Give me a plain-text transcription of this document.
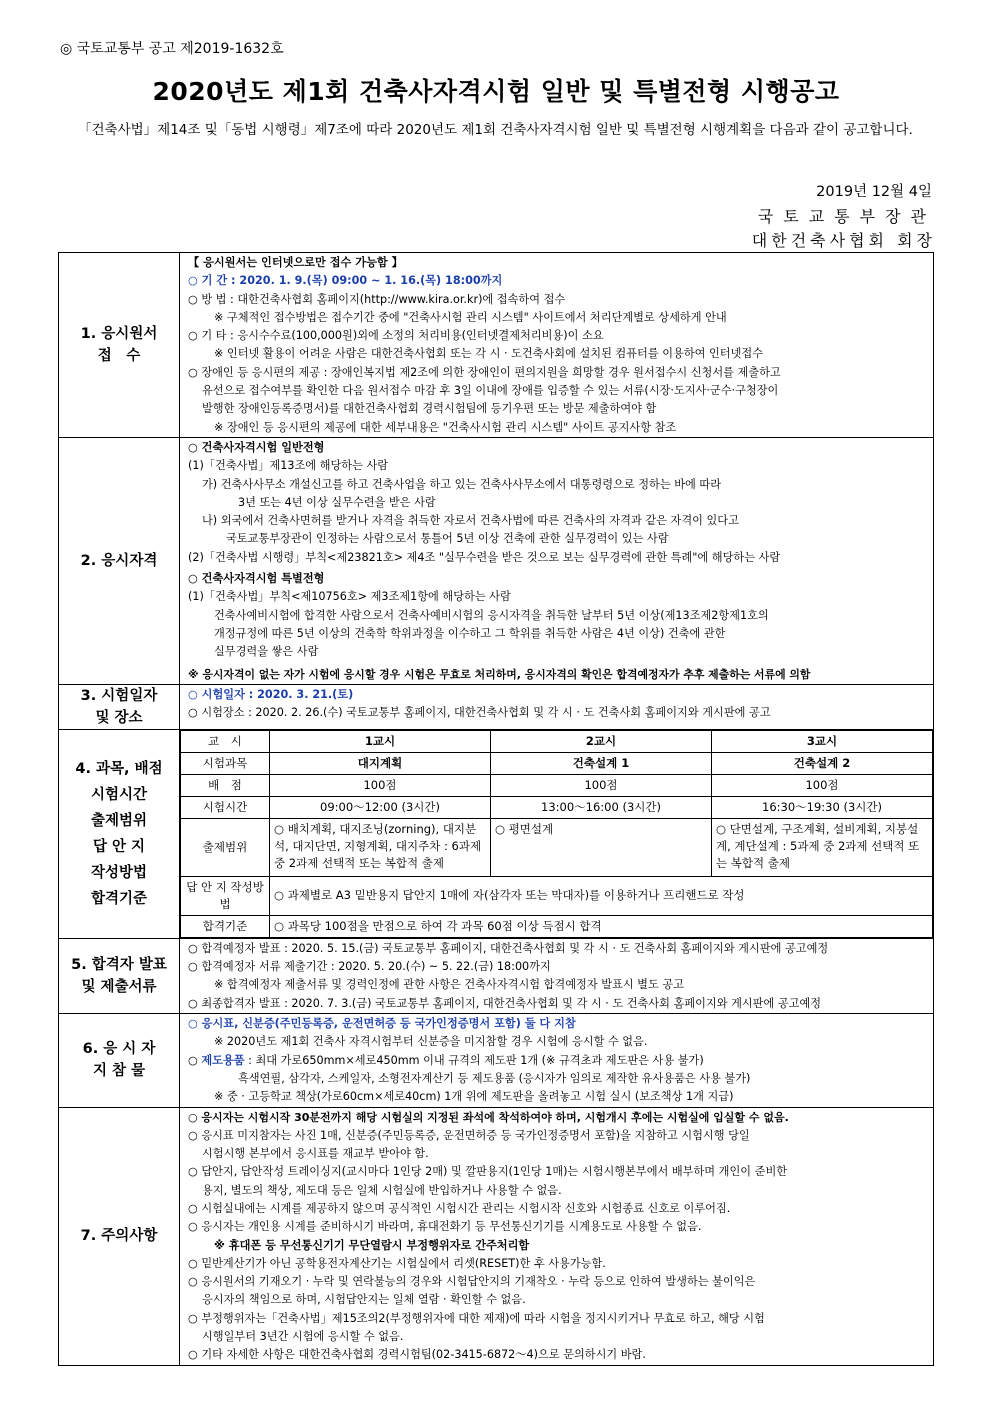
◎ 국토교통부 공고 제2019-1632호
2020년도 제1회 건축사자격시험 일반 및 특별전형 시행공고
「건축사법」제14조 및「동법 시행령」제7조에 따라 2020년도 제1회 건축사자격시험 일반 및 특별전형 시행계획을 다음과 같이 공고합니다.
2019년 12월 4일
국토교통부장관
대한건축사협회 회장
1. 응시원서
접　수

【 응시원서는 인터넷으로만 접수 가능함 】
○ 기 간 : 2020. 1. 9.(목) 09:00 ~ 1. 16.(목) 18:00까지
○ 방 법 : 대한건축사협회 홈페이지(http://www.kira.or.kr)에 접속하여 접수
※ 구체적인 접수방법은 접수기간 중에 "건축사시험 관리 시스템" 사이트에서 처리단계별로 상세하게 안내
○ 기 타 : 응시수수료(100,000원)외에 소정의 처리비용(인터넷결제처리비용)이 소요
※ 인터넷 활용이 어려운 사람은 대한건축사협회 또는 각 시 · 도건축사회에 설치된 컴퓨터를 이용하여 인터넷접수
○ 장애인 등 응시편의 제공 : 장애인복지법 제2조에 의한 장애인이 편의지원을 희망할 경우 원서접수시 신청서를 제출하고
유선으로 접수여부를 확인한 다음 원서접수 마감 후 3일 이내에 장애를 입증할 수 있는 서류(시장·도지사·군수·구청장이
발행한 장애인등록증명서)를 대한건축사협회 경력시험팀에 등기우편 또는 방문 제출하여야 함
※ 장애인 등 응시편의 제공에 대한 세부내용은 "건축사시험 관리 시스템" 사이트 공지사항 참조

2. 응시자격

○ 건축사자격시험 일반전형
(1)「건축사법」제13조에 해당하는 사람
가) 건축사사무소 개설신고를 하고 건축사업을 하고 있는 건축사사무소에서 대통령령으로 정하는 바에 따라
3년 또는 4년 이상 실무수련을 받은 사람
나) 외국에서 건축사면허를 받거나 자격을 취득한 자로서 건축사법에 따른 건축사의 자격과 같은 자격이 있다고
국토교통부장관이 인정하는 사람으로서 통틀어 5년 이상 건축에 관한 실무경력이 있는 사람
(2)「건축사법 시행령」부칙<제23821호> 제4조 "실무수련을 받은 것으로 보는 실무경력에 관한 특례"에 해당하는 사람
○ 건축사자격시험 특별전형
(1)「건축사법」부칙<제10756호> 제3조제1항에 해당하는 사람
건축사예비시험에 합격한 사람으로서 건축사예비시험의 응시자격을 취득한 날부터 5년 이상(제13조제2항제1호의
개정규정에 따른 5년 이상의 건축학 학위과정을 이수하고 그 학위를 취득한 사람은 4년 이상) 건축에 관한
실무경력을 쌓은 사람
※ 응시자격이 없는 자가 시험에 응시할 경우 시험은 무효로 처리하며, 응시자격의 확인은 합격예정자가 추후 제출하는 서류에 의함

3. 시험일자
및 장소

○ 시험일자 : 2020. 3. 21.(토)
○ 시험장소 : 2020. 2. 26.(수) 국토교통부 홈페이지, 대한건축사협회 및 각 시 · 도 건축사회 홈페이지와 게시판에 공고

4. 과목, 배점
시험시간
출제범위
답 안 지
작성방법
합격기준

교　시	1교시	2교시	3교시
시험과목	대지계획	건축설계 1	건축설계 2
배　점	100점	100점	100점
시험시간	09:00～12:00 (3시간)	13:00～16:00 (3시간)	16:30～19:30 (3시간)
출제범위	○ 배치계획, 대지조닝(zorning), 대지분석, 대지단면, 지형계획, 대지주차 : 6과제 중 2과제 선택적 또는 복합적 출제	○ 평면설계	○ 단면설계, 구조계획, 설비계획, 지붕설계, 계단설계 : 5과제 중 2과제 선택적 또는 복합적 출제
답 안 지 작성방법	○ 과제별로 A3 밑반용지 답안지 1매에 자(삼각자 또는 막대자)를 이용하거나 프리핸드로 작성
합격기준	○ 과목당 100점을 만점으로 하여 각 과목 60점 이상 득점시 합격

5. 합격자 발표
및 제출서류

○ 합격예정자 발표 : 2020. 5. 15.(금) 국토교통부 홈페이지, 대한건축사협회 및 각 시 · 도 건축사회 홈페이지와 게시판에 공고예정
○ 합격예정자 서류 제출기간 : 2020. 5. 20.(수) ~ 5. 22.(금) 18:00까지
※ 합격예정자 제출서류 및 경력인정에 관한 사항은 건축사자격시험 합격예정자 발표시 별도 공고
○ 최종합격자 발표 : 2020. 7. 3.(금) 국토교통부 홈페이지, 대한건축사협회 및 각 시 · 도 건축사회 홈페이지와 게시판에 공고예정

6. 응 시 자
지 참 물

○ 응시표, 신분증(주민등록증, 운전면허증 등 국가인정증명서 포함) 둘 다 지참
※ 2020년도 제1회 건축사 자격시험부터 신분증을 미지참할 경우 시험에 응시할 수 없음.
○ 제도용품 : 최대 가로650mm×세로450mm 이내 규격의 제도판 1개 (※ 규격초과 제도판은 사용 불가)
흑색연필, 삼각자, 스케일자, 소형전자계산기 등 제도용품 (응시자가 임의로 제작한 유사용품은 사용 불가)
※ 중 · 고등학교 책상(가로60cm×세로40cm) 1개 위에 제도판을 올려놓고 시험 실시 (보조책상 1개 지급)

7. 주의사항

○ 응시자는 시험시작 30분전까지 해당 시험실의 지정된 좌석에 착석하여야 하며, 시험개시 후에는 시험실에 입실할 수 없음.
○ 응시표 미지참자는 사진 1매, 신분증(주민등록증, 운전면허증 등 국가인정증명서 포함)을 지참하고 시험시행 당일
시험시행 본부에서 응시표를 재교부 받아야 함.
○ 답안지, 답안작성 트레이싱지(교시마다 1인당 2매) 및 깔판용지(1인당 1매)는 시험시행본부에서 배부하며 개인이 준비한
용지, 별도의 책상, 제도대 등은 일체 시험실에 반입하거나 사용할 수 없음.
○ 시험실내에는 시계를 제공하지 않으며 공식적인 시험시간 관리는 시험시작 신호와 시험종료 신호로 이루어짐.
○ 응시자는 개인용 시계를 준비하시기 바라며, 휴대전화기 등 무선통신기기를 시계용도로 사용할 수 없음.
※ 휴대폰 등 무선통신기기 무단열람시 부정행위자로 간주처리함
○ 밑반계산기가 아닌 공학용전자계산기는 시험실에서 리셋(RESET)한 후 사용가능함.
○ 응시원서의 기재오기 · 누락 및 연락불능의 경우와 시험답안지의 기재착오 · 누락 등으로 인하여 발생하는 불이익은
응시자의 책임으로 하며, 시험답안지는 일체 열람 · 확인할 수 없음.
○ 부정행위자는「건축사법」제15조의2(부정행위자에 대한 제재)에 따라 시험을 정지시키거나 무효로 하고, 해당 시험
시행일부터 3년간 시험에 응시할 수 없음.
○ 기타 자세한 사항은 대한건축사협회 경력시험팀(02-3415-6872～4)으로 문의하시기 바람.
